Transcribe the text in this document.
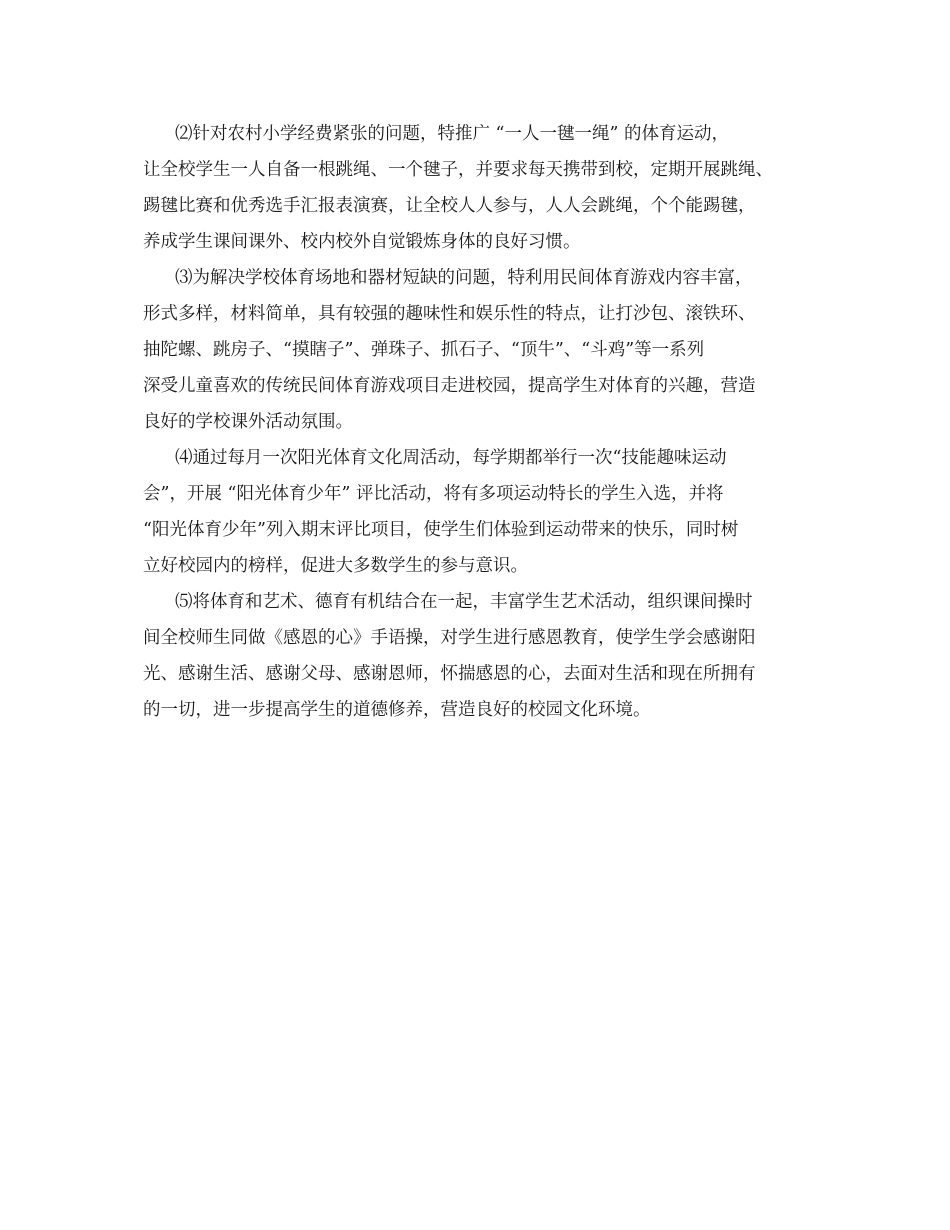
⑵针对农村小学经费紧张的问题，特推广 “一人一毽一绳” 的体育运动，
让全校学生一人自备一根跳绳、一个毽子，并要求每天携带到校，定期开展跳绳、
踢毽比赛和优秀选手汇报表演赛，让全校人人参与，人人会跳绳，个个能踢毽，
养成学生课间课外、校内校外自觉锻炼身体的良好习惯。
⑶为解决学校体育场地和器材短缺的问题，特利用民间体育游戏内容丰富，
形式多样，材料简单，具有较强的趣味性和娱乐性的特点，让打沙包、滚铁环、
抽陀螺、跳房子、“摸瞎子”、弹珠子、抓石子、“顶牛”、“斗鸡”等一系列
深受儿童喜欢的传统民间体育游戏项目走进校园，提高学生对体育的兴趣，营造
良好的学校课外活动氛围。
⑷通过每月一次阳光体育文化周活动，每学期都举行一次“技能趣味运动
会”，开展 “阳光体育少年” 评比活动，将有多项运动特长的学生入选，并将
“阳光体育少年”列入期末评比项目，使学生们体验到运动带来的快乐，同时树
立好校园内的榜样，促进大多数学生的参与意识。
⑸将体育和艺术、德育有机结合在一起，丰富学生艺术活动，组织课间操时
间全校师生同做《感恩的心》手语操，对学生进行感恩教育，使学生学会感谢阳
光、感谢生活、感谢父母、感谢恩师，怀揣感恩的心，去面对生活和现在所拥有
的一切，进一步提高学生的道德修养，营造良好的校园文化环境。
